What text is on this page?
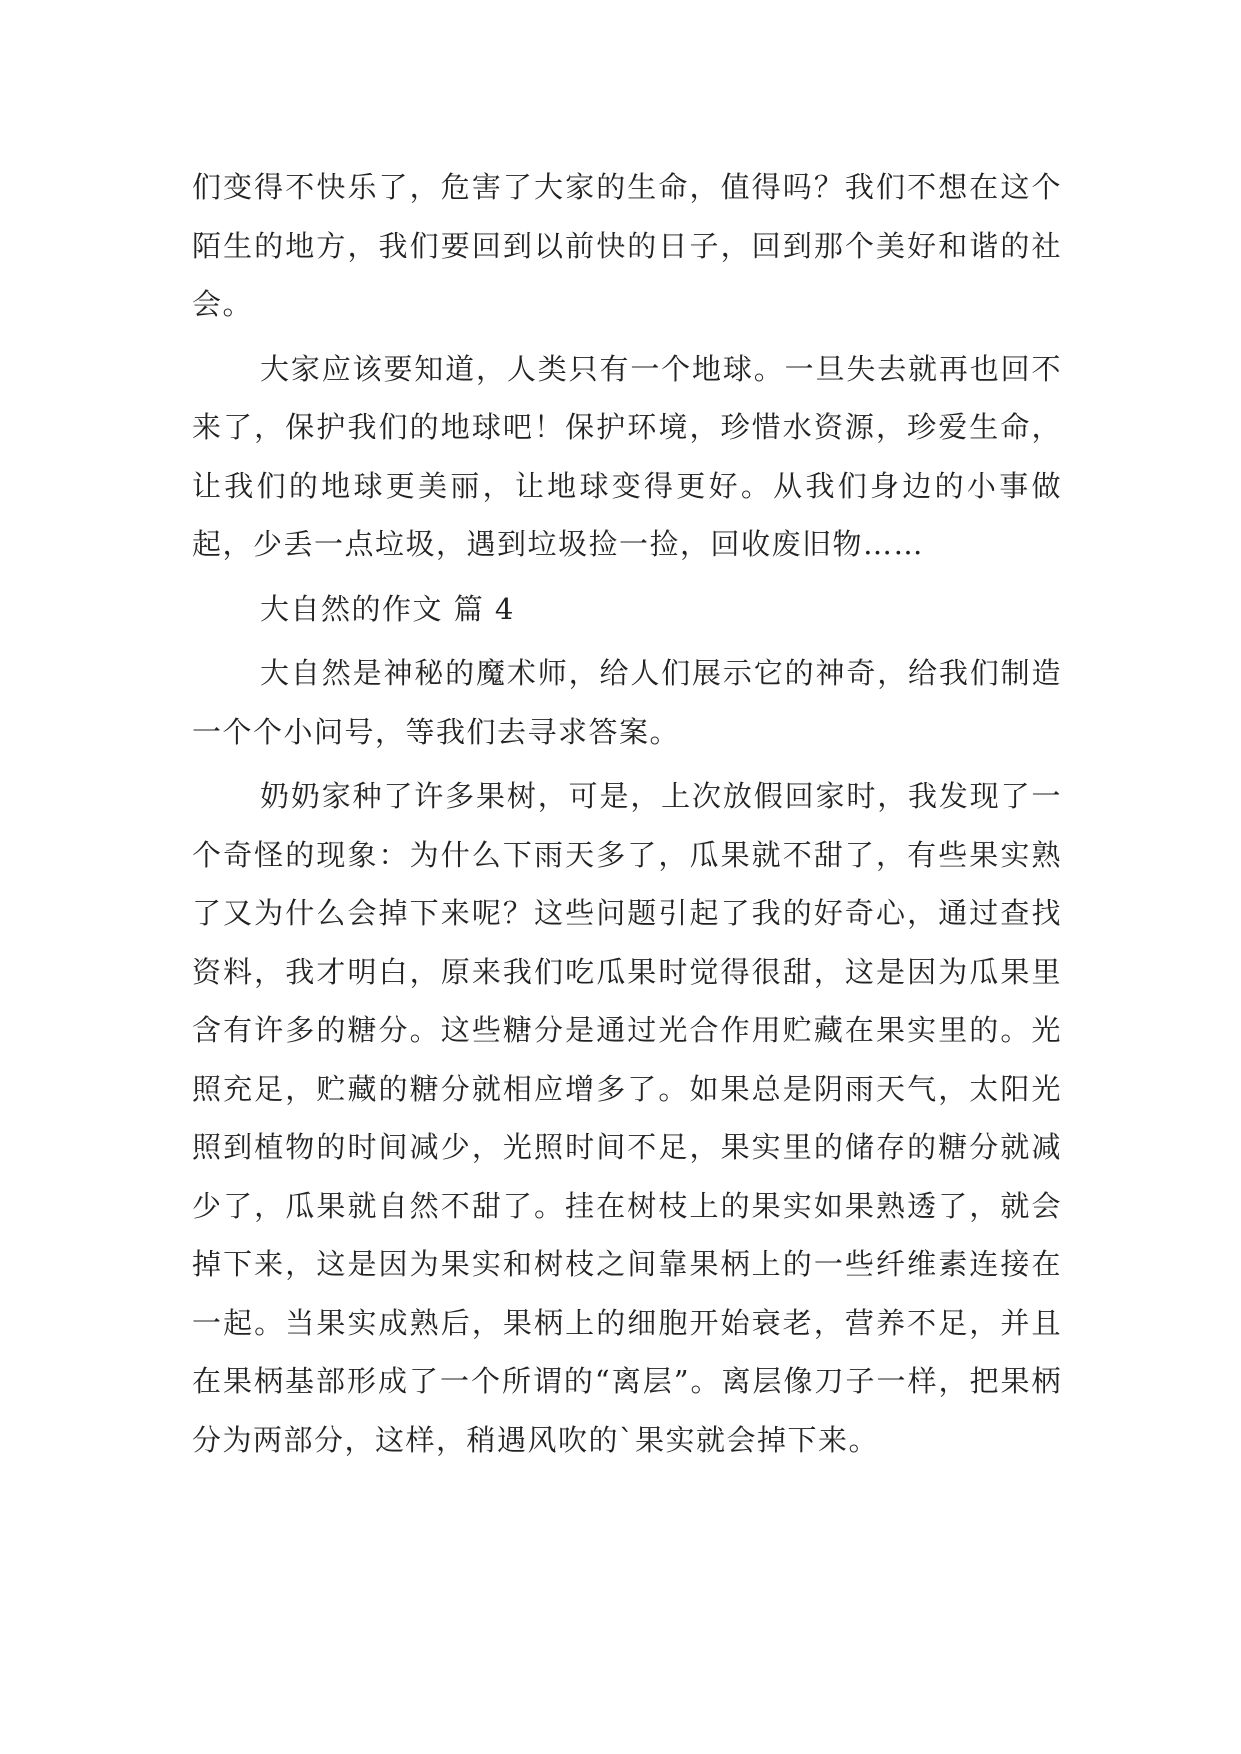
们变得不快乐了，危害了大家的生命，值得吗？我们不想在这个陌生的地方，我们要回到以前快的日子，回到那个美好和谐的社会。

大家应该要知道，人类只有一个地球。一旦失去就再也回不来了，保护我们的地球吧！保护环境，珍惜水资源，珍爱生命，让我们的地球更美丽，让地球变得更好。从我们身边的小事做起，少丢一点垃圾，遇到垃圾捡一捡，回收废旧物……

大自然的作文 篇 4

大自然是神秘的魔术师，给人们展示它的神奇，给我们制造一个个小问号，等我们去寻求答案。

奶奶家种了许多果树，可是，上次放假回家时，我发现了一个奇怪的现象：为什么下雨天多了，瓜果就不甜了，有些果实熟了又为什么会掉下来呢？这些问题引起了我的好奇心，通过查找资料，我才明白，原来我们吃瓜果时觉得很甜，这是因为瓜果里含有许多的糖分。这些糖分是通过光合作用贮藏在果实里的。光照充足，贮藏的糖分就相应增多了。如果总是阴雨天气，太阳光照到植物的时间减少，光照时间不足，果实里的储存的糖分就减少了，瓜果就自然不甜了。挂在树枝上的果实如果熟透了，就会掉下来，这是因为果实和树枝之间靠果柄上的一些纤维素连接在一起。当果实成熟后，果柄上的细胞开始衰老，营养不足，并且在果柄基部形成了一个所谓的“离层”。离层像刀子一样，把果柄分为两部分，这样，稍遇风吹的`果实就会掉下来。
